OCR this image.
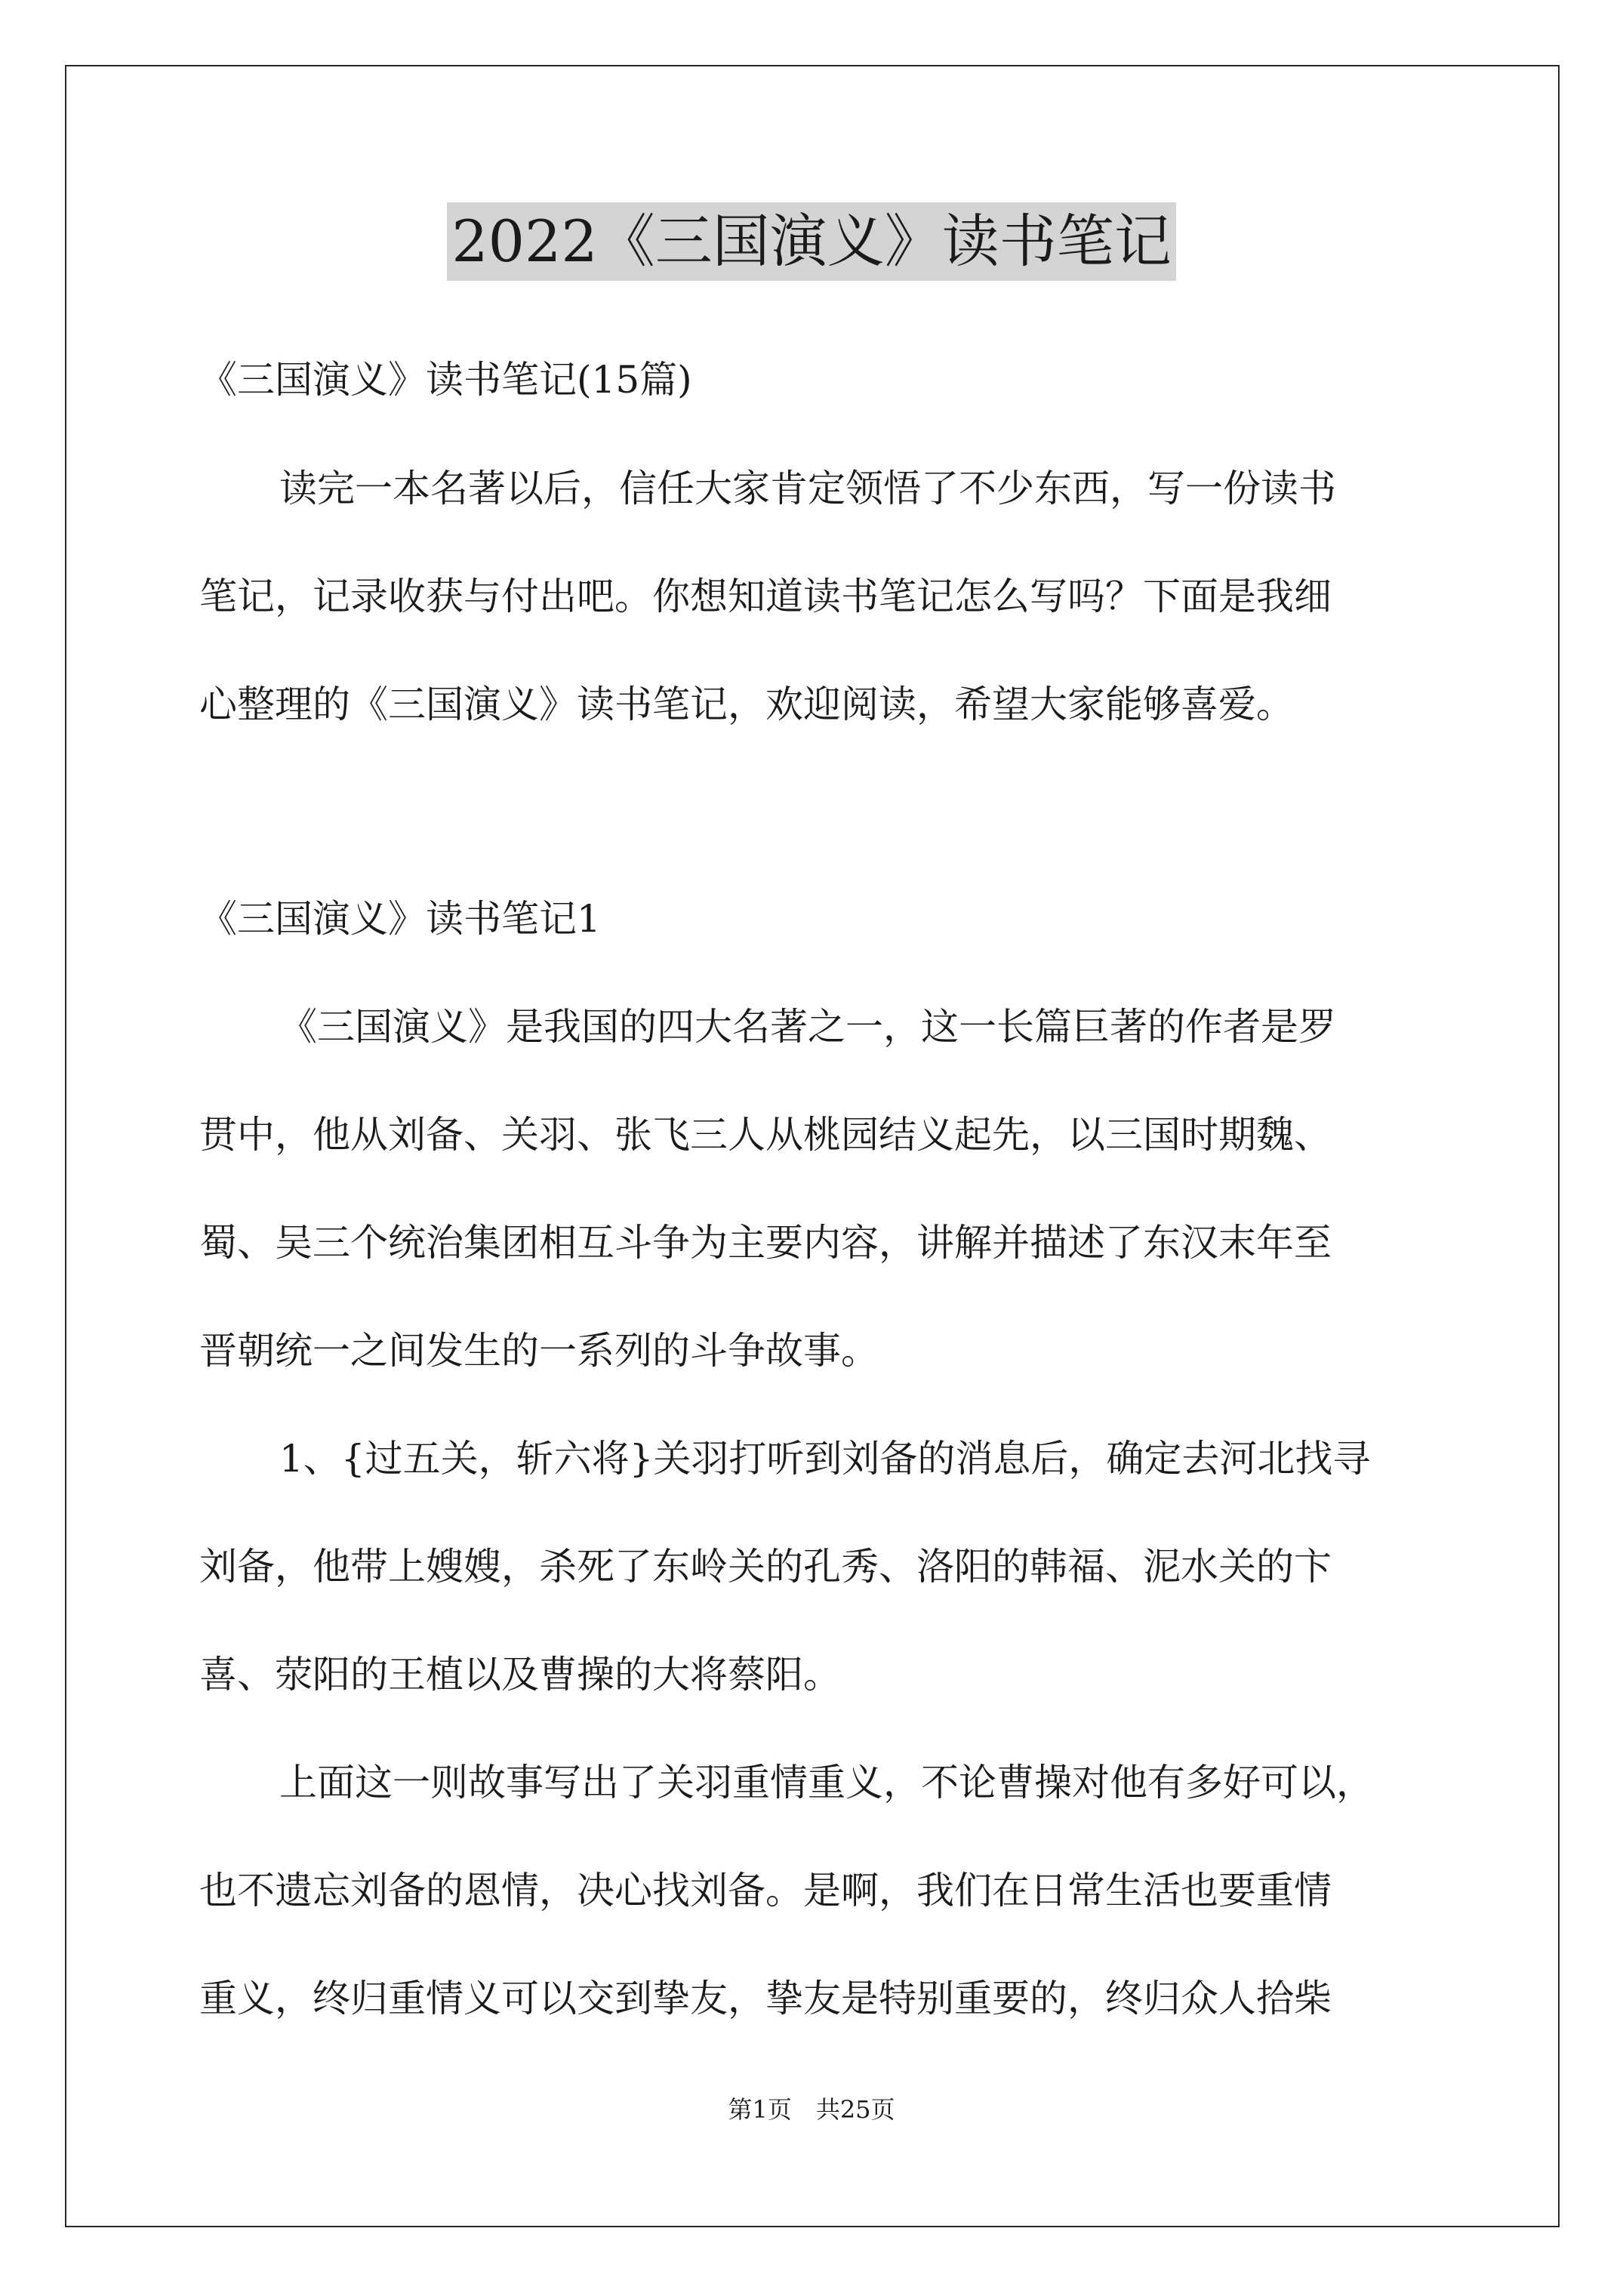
2022《三国演义》读书笔记
《三国演义》读书笔记(15篇)
读完一本名著以后，信任大家肯定领悟了不少东西，写一份读书
笔记，记录收获与付出吧。你想知道读书笔记怎么写吗？下面是我细
心整理的《三国演义》读书笔记，欢迎阅读，希望大家能够喜爱。
《三国演义》读书笔记1
《三国演义》是我国的四大名著之一，这一长篇巨著的作者是罗
贯中，他从刘备、关羽、张飞三人从桃园结义起先，以三国时期魏、
蜀、吴三个统治集团相互斗争为主要内容，讲解并描述了东汉末年至
晋朝统一之间发生的一系列的斗争故事。
1、{过五关，斩六将}关羽打听到刘备的消息后，确定去河北找寻
刘备，他带上嫂嫂，杀死了东岭关的孔秀、洛阳的韩福、泥水关的卞
喜、荥阳的王植以及曹操的大将蔡阳。
上面这一则故事写出了关羽重情重义，不论曹操对他有多好可以，
也不遗忘刘备的恩情，决心找刘备。是啊，我们在日常生活也要重情
重义，终归重情义可以交到挚友，挚友是特别重要的，终归众人拾柴
第1页　共25页
